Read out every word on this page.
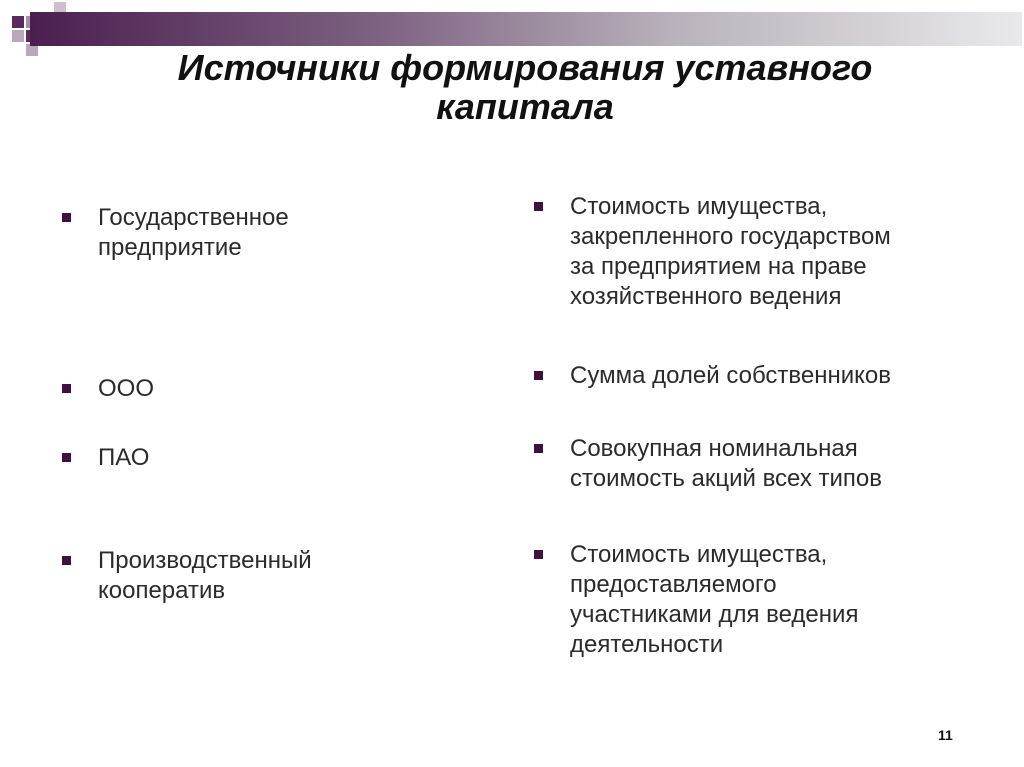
Источники формирования уставного
капитала
Государственное
предприятие
ООО
ПАО
Производственный
кооператив
Стоимость имущества,
закрепленного государством
за предприятием на праве
хозяйственного ведения
Сумма долей собственников
Совокупная номинальная
стоимость акций всех типов
Стоимость имущества,
предоставляемого
участниками для ведения
деятельности
11
